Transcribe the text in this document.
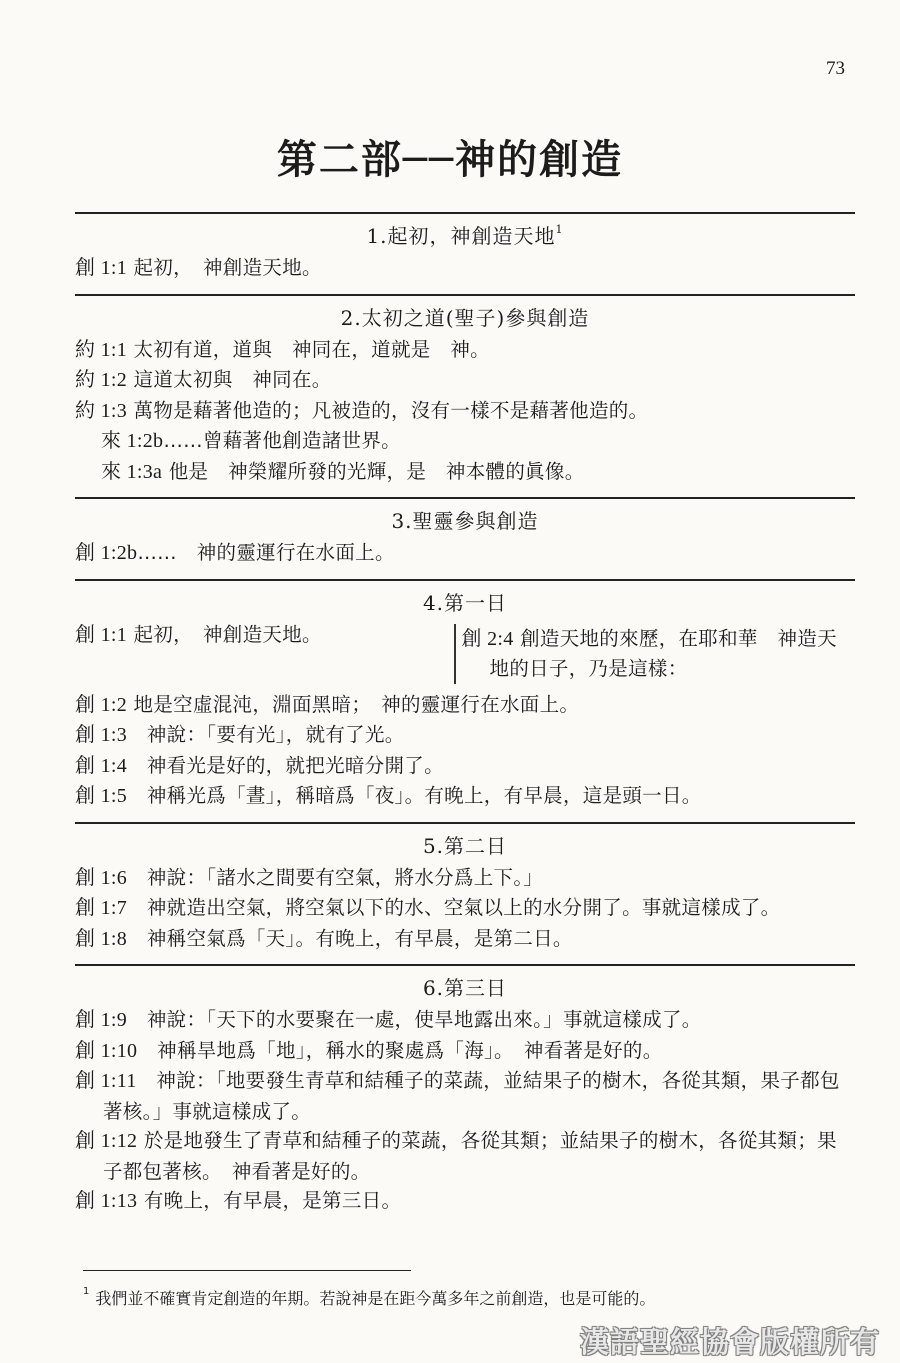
73
第二部──神的創造
1.起初，神創造天地$^1$

創 1:1 起初，　神創造天地。

2.太初之道(聖子)參與創造

約 1:1 太初有道，道與　神同在，道就是　神。

約 1:2 這道太初與　神同在。

約 1:3 萬物是藉著他造的；凡被造的，沒有一樣不是藉著他造的。

來 1:2b……曾藉著他創造諸世界。

來 1:3a 他是　神榮耀所發的光輝，是　神本體的眞像。

3.聖靈參與創造

創 1:2b……　神的靈運行在水面上。

4.第一日

創 1:1 起初，　神創造天地。	創 2:4 創造天地的來歷，在耶和華　神造天地的日子，乃是這樣：

創 1:2 地是空虛混沌，淵面黑暗；　神的靈運行在水面上。

創 1:3　神說：「要有光」，就有了光。

創 1:4　神看光是好的，就把光暗分開了。

創 1:5　神稱光爲「晝」，稱暗爲「夜」。有晚上，有早晨，這是頭一日。

5.第二日

創 1:6　神說：「諸水之間要有空氣，將水分爲上下。」

創 1:7　神就造出空氣，將空氣以下的水、空氣以上的水分開了。事就這樣成了。

創 1:8　神稱空氣爲「天」。有晚上，有早晨，是第二日。

6.第三日

創 1:9　神說：「天下的水要聚在一處，使旱地露出來。」事就這樣成了。

創 1:10　神稱旱地爲「地」，稱水的聚處爲「海」。　神看著是好的。

創 1:11　神說：「地要發生青草和結種子的菜蔬，並結果子的樹木，各從其類，果子都包著核。」事就這樣成了。

創 1:12 於是地發生了青草和結種子的菜蔬，各從其類；並結果子的樹木，各從其類；果子都包著核。　神看著是好的。

創 1:13 有晚上，有早晨，是第三日。

$^1$ 我們並不確實肯定創造的年期。若說神是在距今萬多年之前創造，也是可能的。
漢語聖經協會版權所有
